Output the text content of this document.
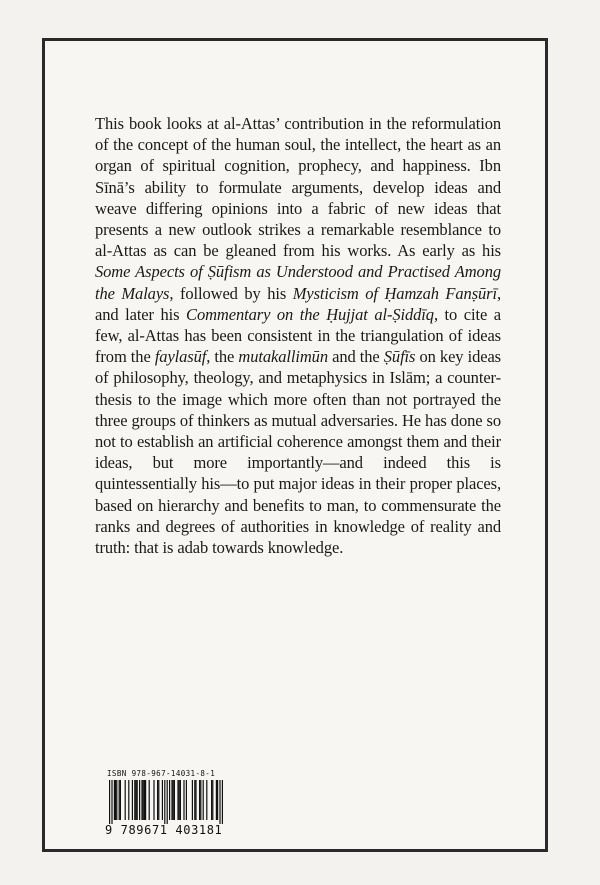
This book looks at al-Attas’ contribution in the reformulation of the concept of the human soul, the intellect, the heart as an organ of spiritual cognition, prophecy, and happiness. Ibn Sīnā’s ability to formulate arguments, develop ideas and weave differing opinions into a fabric of new ideas that presents a new outlook strikes a remarkable resemblance to al-Attas as can be gleaned from his works. As early as his Some Aspects of Ṣūfism as Understood and Practised Among the Malays, followed by his Mysticism of Ḥamzah Fanṣūrī, and later his Commentary on the Ḥujjat al-Ṣiddīq, to cite a few, al-Attas has been consistent in the triangulation of ideas from the faylasūf, the mutakallimūn and the Ṣūfīs on key ideas of philosophy, theology, and metaphysics in Islām; a counter-thesis to the image which more often than not portrayed the three groups of thinkers as mutual adversaries. He has done so not to establish an artificial coherence amongst them and their ideas, but more importantly—and indeed this is quintessentially his—to put major ideas in their proper places, based on hierarchy and benefits to man, to commensurate the ranks and degrees of authorities in knowledge of reality and truth: that is adab towards knowledge.

ISBN 978-967-14031-8-1
9 789671 403181
